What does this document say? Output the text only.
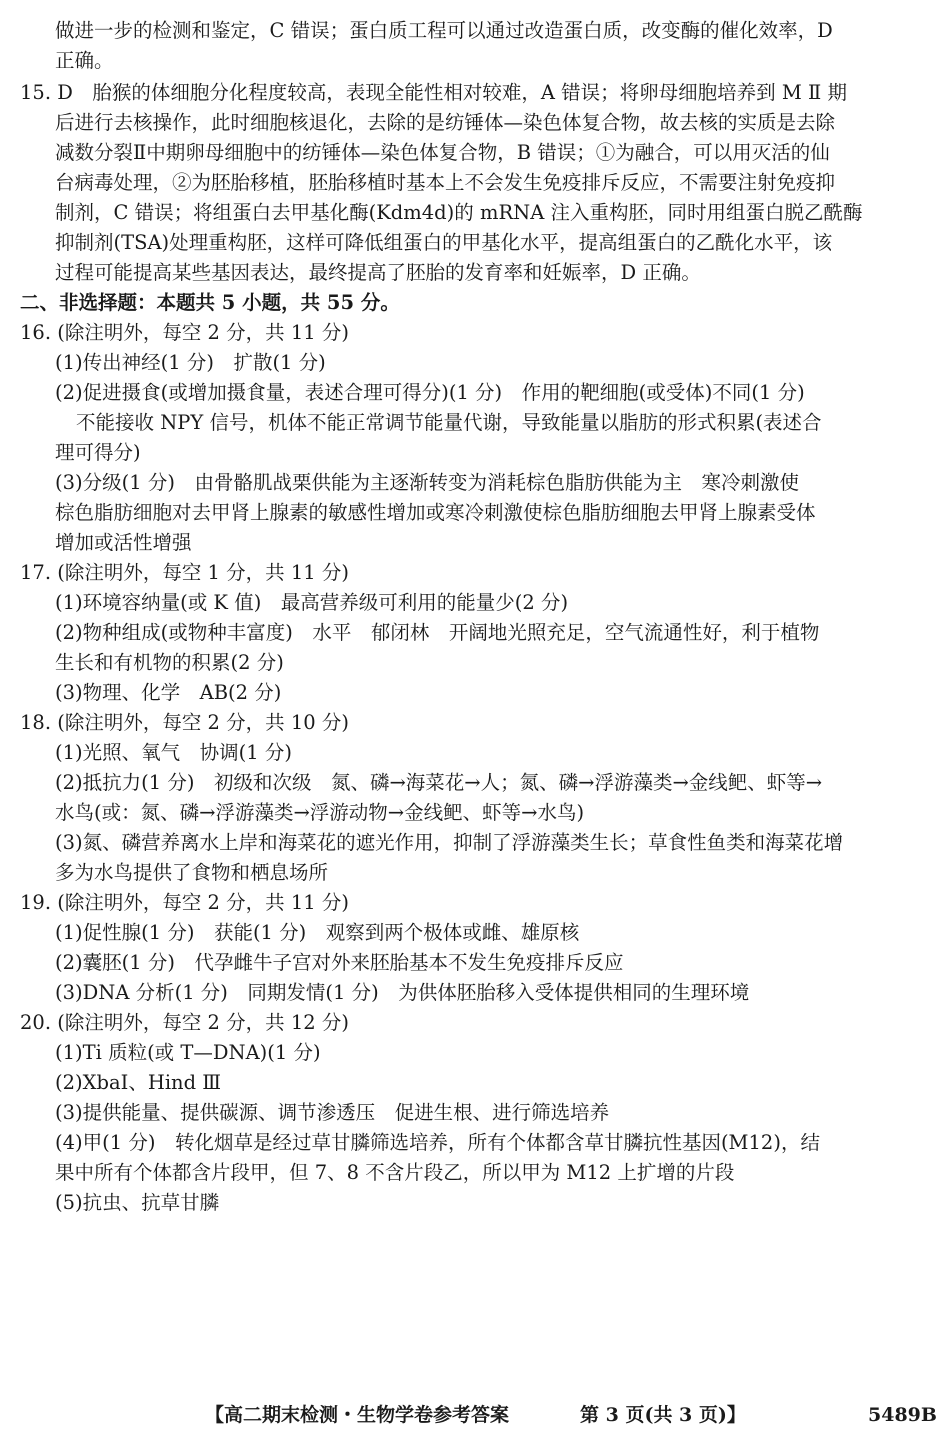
做进一步的检测和鉴定，C 错误；蛋白质工程可以通过改造蛋白质，改变酶的催化效率，D
正确。
15. D　胎猴的体细胞分化程度较高，表现全能性相对较难，A 错误；将卵母细胞培养到 M Ⅱ 期
后进行去核操作，此时细胞核退化，去除的是纺锤体—染色体复合物，故去核的实质是去除
减数分裂Ⅱ中期卵母细胞中的纺锤体—染色体复合物，B 错误；①为融合，可以用灭活的仙
台病毒处理，②为胚胎移植，胚胎移植时基本上不会发生免疫排斥反应，不需要注射免疫抑
制剂，C 错误；将组蛋白去甲基化酶(Kdm4d)的 mRNA 注入重构胚，同时用组蛋白脱乙酰酶
抑制剂(TSA)处理重构胚，这样可降低组蛋白的甲基化水平，提高组蛋白的乙酰化水平，该
过程可能提高某些基因表达，最终提高了胚胎的发育率和妊娠率，D 正确。
二、非选择题：本题共 5 小题，共 55 分。
16. (除注明外，每空 2 分，共 11 分)
(1)传出神经(1 分)　扩散(1 分)
(2)促进摄食(或增加摄食量，表述合理可得分)(1 分)　作用的靶细胞(或受体)不同(1 分)
不能接收 NPY 信号，机体不能正常调节能量代谢，导致能量以脂肪的形式积累(表述合
理可得分)
(3)分级(1 分)　由骨骼肌战栗供能为主逐渐转变为消耗棕色脂肪供能为主　寒冷刺激使
棕色脂肪细胞对去甲肾上腺素的敏感性增加或寒冷刺激使棕色脂肪细胞去甲肾上腺素受体
增加或活性增强
17. (除注明外，每空 1 分，共 11 分)
(1)环境容纳量(或 K 值)　最高营养级可利用的能量少(2 分)
(2)物种组成(或物种丰富度)　水平　郁闭林　开阔地光照充足，空气流通性好，利于植物
生长和有机物的积累(2 分)
(3)物理、化学　AB(2 分)
18. (除注明外，每空 2 分，共 10 分)
(1)光照、氧气　协调(1 分)
(2)抵抗力(1 分)　初级和次级　氮、磷→海菜花→人；氮、磷→浮游藻类→金线鲃、虾等→
水鸟(或：氮、磷→浮游藻类→浮游动物→金线鲃、虾等→水鸟)
(3)氮、磷营养离水上岸和海菜花的遮光作用，抑制了浮游藻类生长；草食性鱼类和海菜花增
多为水鸟提供了食物和栖息场所
19. (除注明外，每空 2 分，共 11 分)
(1)促性腺(1 分)　获能(1 分)　观察到两个极体或雌、雄原核
(2)囊胚(1 分)　代孕雌牛子宫对外来胚胎基本不发生免疫排斥反应
(3)DNA 分析(1 分)　同期发情(1 分)　为供体胚胎移入受体提供相同的生理环境
20. (除注明外，每空 2 分，共 12 分)
(1)Ti 质粒(或 T—DNA)(1 分)
(2)XbaⅠ、Hind Ⅲ
(3)提供能量、提供碳源、调节渗透压　促进生根、进行筛选培养
(4)甲(1 分)　转化烟草是经过草甘膦筛选培养，所有个体都含草甘膦抗性基因(M12)，结
果中所有个体都含片段甲，但 7、8 不含片段乙，所以甲为 M12 上扩增的片段
(5)抗虫、抗草甘膦
【高二期末检测・生物学卷参考答案	第 3 页(共 3 页)】	5489B
